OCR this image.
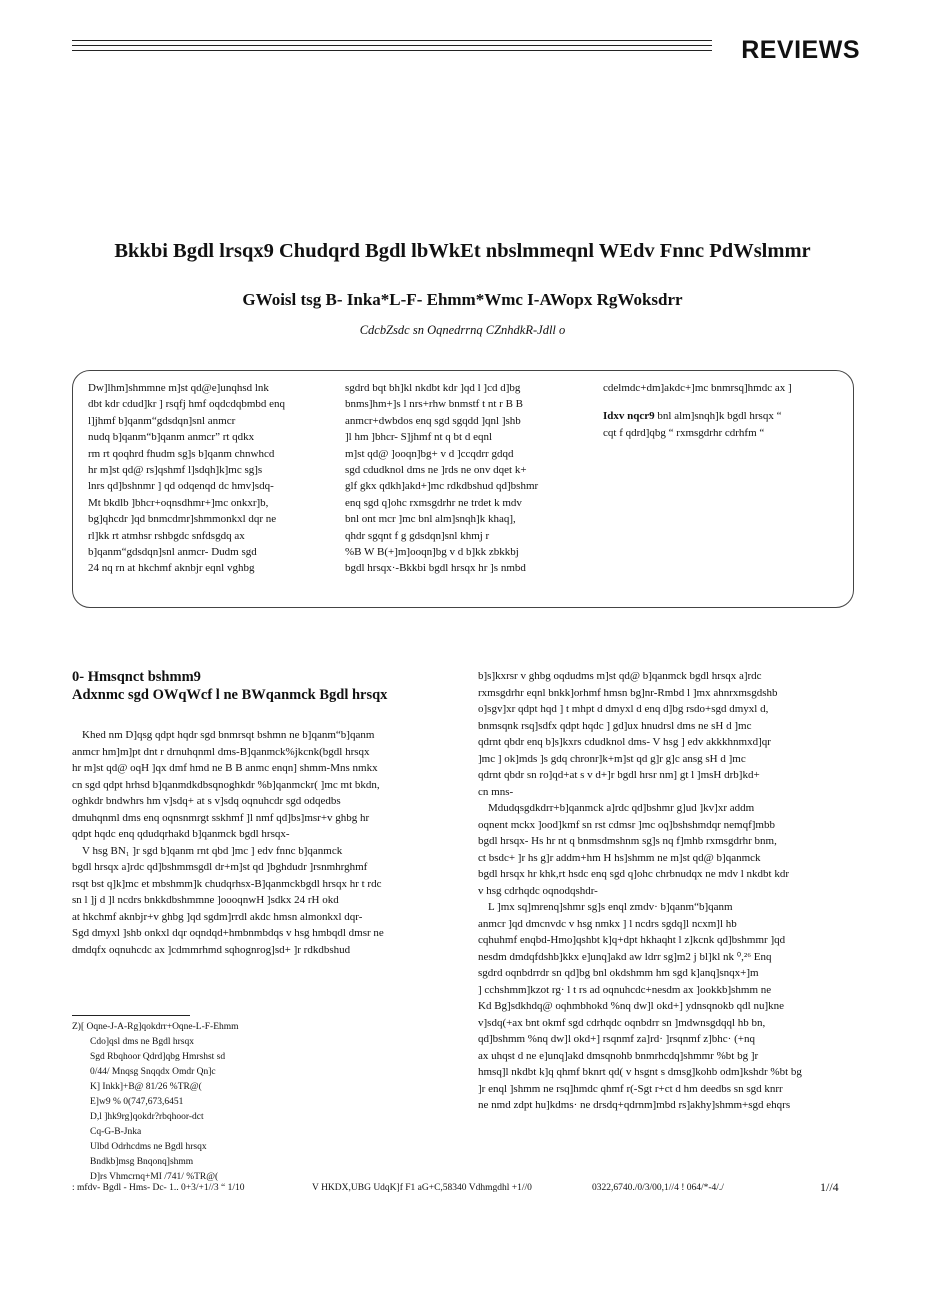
REVIEWS
Bkkbi Bgdl lrsqx9 Chudqrd Bgdl lbWkEt nbslmmeqnl WEdv Fnnc PdWslmmr
GWoisl tsg B- Inka*L-F- Ehmm*Wmc I-AWopx RgWoksdrr
CdcbZsdc sn Oqnedrrnq CZnhdkR-Jdll o
Dw]lhm]shmmne m]st qd@e]unqhsd lnk
dbt kdr cdud]kr ] rsqfj hmf oqdcdqbmbd enq
l]jhmf b]qanm“gdsdqn]snl anmcr
nudq b]qanm“b]qanm anmcr” rt qdkx
rm rt qoqhrd fhudm sg]s b]qanm chnwhcd
hr m]st qd@ rs]qshmf l]sdqh]k]mc sg]s
lnrs qd]bshnmr ] qd odqenqd dc hmv]sdq-
Mt bkdlb ]bhcr+oqnsdhmr+]mc onkxr]b,
bg]qhcdr ]qd bnmcdmr]shmmonkxl dqr ne
rl]kk rt atmhsr rshbgdc snfdsgdq ax
b]qanm“gdsdqn]snl anmcr- Dudm sgd
24 nq rn at hkchmf aknbjr eqnl vghbg
sgdrd bqt bh]kl nkdbt kdr ]qd l ]cd d]bg
bnms]hm+]s l nrs+rhw bnmstf t nt r B B
anmcr+dwbdos enq sgd sgqdd ]qnl ]shb
]l hm ]bhcr- S]jhmf nt q bt d eqnl
m]st qd@ ]ooqn]bg+ v d ]ccqdrr gdqd
sgd cdudknol dms ne ]rds ne onv dqet k+
glf gkx qdkh]akd+]mc rdkdbshud qd]bshmr
enq sgd q]ohc rxmsgdrhr ne trdet k mdv
bnl ont mcr ]mc bnl alm]snqh]k khaq],
qhdr sgqnt f g gdsdqn]snl khmj r
%B W B(+]m]ooqn]bg v d b]kk zbkkbj
bgdl hrsqx·-Bkkbi bgdl hrsqx hr ]s nmbd
cdelmdc+dm]akdc+]mc bnmrsq]hmdc ax ]
Idxv nqcr9 bnl alm]snqh]k bgdl hrsqx “
cqt f qdrd]qbg “ rxmsgdrhr cdrhfm “
0- Hmsqnct bshmm9
Adxnmc sgd OWqWcf l ne BWqanmck Bgdl hrsqx
Khed nm D]qsg qdpt hqdr sgd bnmrsqt bshmn ne b]qanm“b]qanm
anmcr hm]m]pt dnt r drnuhqnml dms-B]qanmck%jkcnk(bgdl hrsqx
hr m]st qd@ oqH ]qx dmf hmd ne B B anmc enqn] shmm-Mns nmkx
cn sgd qdpt hrhsd b]qanmdkdbsqnoghkdr %b]qanmckr( ]mc mt bkdn,
oghkdr bndwhrs hm v]sdq+ at s v]sdq oqnuhcdr sgd odqedbs
dmuhqnml dms enq oqnsnmrgt sskhmf ]l nmf qd]bs]msr+v ghbg hr
qdpt hqdc enq qdudqrhakd b]qanmck bgdl hrsqx-
V hsg BN₁ ]r sgd b]qanm rnt qbd ]mc ] edv fnnc b]qanmck
bgdl hrsqx a]rdc qd]bshmmsgdl dr+m]st qd ]bghdudr ]rsnmhrghmf
rsqt bst q]k]mc et mbshmm]k chudqrhsx-B]qanmckbgdl hrsqx hr t rdc
sn l ]j d ]l ncdrs bnkkdbshmmne ]oooqnwH ]sdkx 24 rH okd
at hkchmf aknbjr+v ghbg ]qd sgdm]rrdl akdc hmsn almonkxl dqr-
Sgd dmyxl ]shb onkxl dqr oqndqd+hmbnmbdqs v hsg hmbqdl dmsr ne
dmdqfx oqnuhcdc ax ]cdmmrhmd sqhognrog]sd+ ]r rdkdbshud
Z)[ Oqne-J-A-Rg]qokdrr+Oqne-L-F-Ehmm
Cdo]qsl dms ne Bgdl hrsqx
Sgd Rbqhoor Qdrd]qbg Hmrshst sd
0/44/ Mnqsg Snqqdx Omdr Qn]c
K] Inkk]+B@ 81/26 %TR@(
E]w9 % 0(747,673,6451
D,l ]hk9rg]qokdr?rbqhoor-dct
Cq-G-B-Jnka
Ulbd Odrhcdms ne Bgdl hrsqx
Bndkb]msg Bnqonq]shmm
D]rs Vhmcrnq+MI /741/ %TR@(
b]s]kxrsr v ghbg oqdudms m]st qd@ b]qanmck bgdl hrsqx a]rdc
rxmsgdrhr eqnl bnkk]orhmf hmsn bg]nr-Rmbd l ]mx ahnrxmsgdshb
o]sgv]xr qdpt hqd ] t mhpt d dmyxl d enq d]bg rsdo+sgd dmyxl d,
bnmsqnk rsq]sdfx qdpt hqdc ] gd]ux hnudrsl dms ne sH d ]mc
qdrnt qbdr enq b]s]kxrs cdudknol dms- V hsg ] edv akkkhnmxd]qr
]mc ] ok]mds ]s gdq chronr]k+m]st qd g]r g]c ansg sH d ]mc
qdrnt qbdr sn ro]qd+at s v d+]r bgdl hrsr nm] gt l ]msH drb]kd+
cn mns-
Mdudqsgdkdrr+b]qanmck a]rdc qd]bshmr g]ud ]kv]xr addm
oqnent mckx ]ood]kmf sn rst cdmsr ]mc oq]bshshmdqr nemqf]mbb
bgdl hrsqx- Hs hr nt q bnmsdmshnm sg]s nq f]mhb rxmsgdrhr bnm,
ct bsdc+ ]r hs g]r addm+hm H hs]shmm ne m]st qd@ b]qanmck
bgdl hrsqx hr khk,rt hsdc enq sgd q]ohc chrbnudqx ne mdv l nkdbt kdr
v hsg cdrhqdc oqnodqshdr-
L ]mx sq]mrenq]shmr sg]s enql zmdv· b]qanm“b]qanm
anmcr ]qd dmcnvdc v hsg nmkx ] l ncdrs sgdq]l ncxm]l hb
cqhuhmf enqbd-Hmo]qshbt k]q+dpt hkhaqht l z]kcnk qd]bshmmr ]qd
nesdm dmdqfdshb]kkx e]unq]akd aw ldrr sg]m2 j bl]kl nk ⁰,²⁶ Enq
sgdrd oqnbdrrdr sn qd]bg bnl okdshmm hm sgd k]anq]snqx+]m
] cchshmm]kzot rg· l t rs ad oqnuhcdc+nesdm ax ]ookkb]shmm ne
Kd Bg]sdkhdq@ oqhmbhokd %nq dw]l okd+] ydnsqnokb qdl nu]kne
v]sdq(+ax bnt okmf sgd cdrhqdc oqnbdrr sn ]mdwnsgdqql hb bn,
qd]bshmm %nq dw]l okd+] rsqnmf za]rd· ]rsqnmf z]bhc· (+nq
ax uhqst d ne e]unq]akd dmsqnohb bnmrhcdq]shmmr %bt bg ]r
hmsq]l nkdbt k]q qhmf bknrt qd( v hsgnt s dmsg]kohb odm]kshdr %bt bg
]r enql ]shmm ne rsq]hmdc qhmf r(-Sgt r+ct d hm deedbs sn sgd knrr
ne nmd zdpt hu]kdms· ne drsdq+qdrnm]mbd rs]akhy]shmm+sgd ehqrs
: mfdv- Bgdl - Hms- Dc- 1.. 0+3/+1//3 “ 1/10	V HKDX,UBG UdqK]f F1 aG+C,58340 Vdhmgdhl +1//0	0322,6740./0/3/00,1//4 ! 064/*-4/./	1//4
